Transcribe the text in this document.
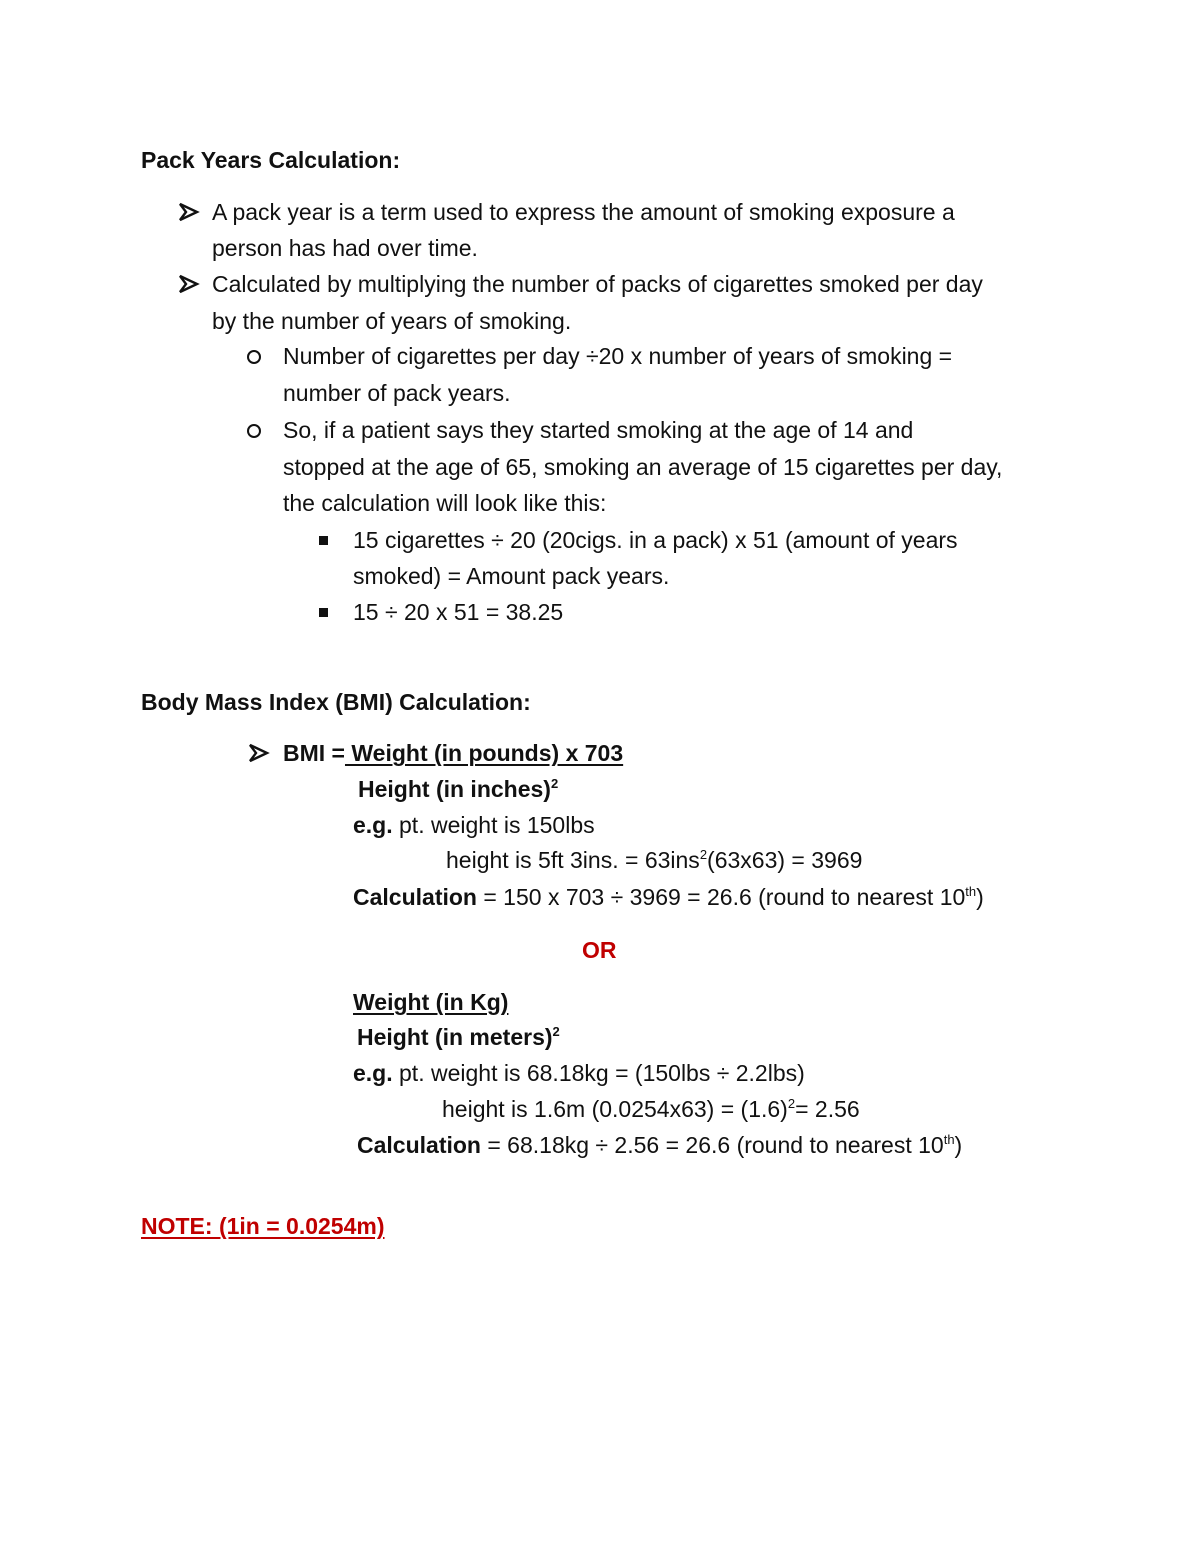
Pack Years Calculation:
A pack year is a term used to express the amount of smoking exposure a
person has had over time.
Calculated by multiplying the number of packs of cigarettes smoked per day
by the number of years of smoking.
Number of cigarettes per day ÷20 x number of years of smoking =
number of pack years.
So, if a patient says they started smoking at the age of 14 and
stopped at the age of 65, smoking an average of 15 cigarettes per day,
the calculation will look like this:
15 cigarettes ÷ 20 (20cigs. in a pack) x 51 (amount of years
smoked) = Amount pack years.
15 ÷ 20 x 51 = 38.25
Body Mass Index (BMI) Calculation:
BMI = Weight (in pounds) x 703
Height (in inches)$^2$
e.g. pt. weight is 150lbs
height is 5ft 3ins. = 63ins$^2$(63x63) = 3969
Calculation = 150 x 703 ÷ 3969 = 26.6 (round to nearest 10th)
OR
Weight (in Kg)
Height (in meters)$^2$
e.g. pt. weight is 68.18kg = (150lbs ÷ 2.2lbs)
height is 1.6m $(0.0254x63) = (1.6)^2= 2.56$
Calculation = 68.18kg ÷ 2.56 = 26.6 (round to nearest 10th)
NOTE: (1in = 0.0254m)
